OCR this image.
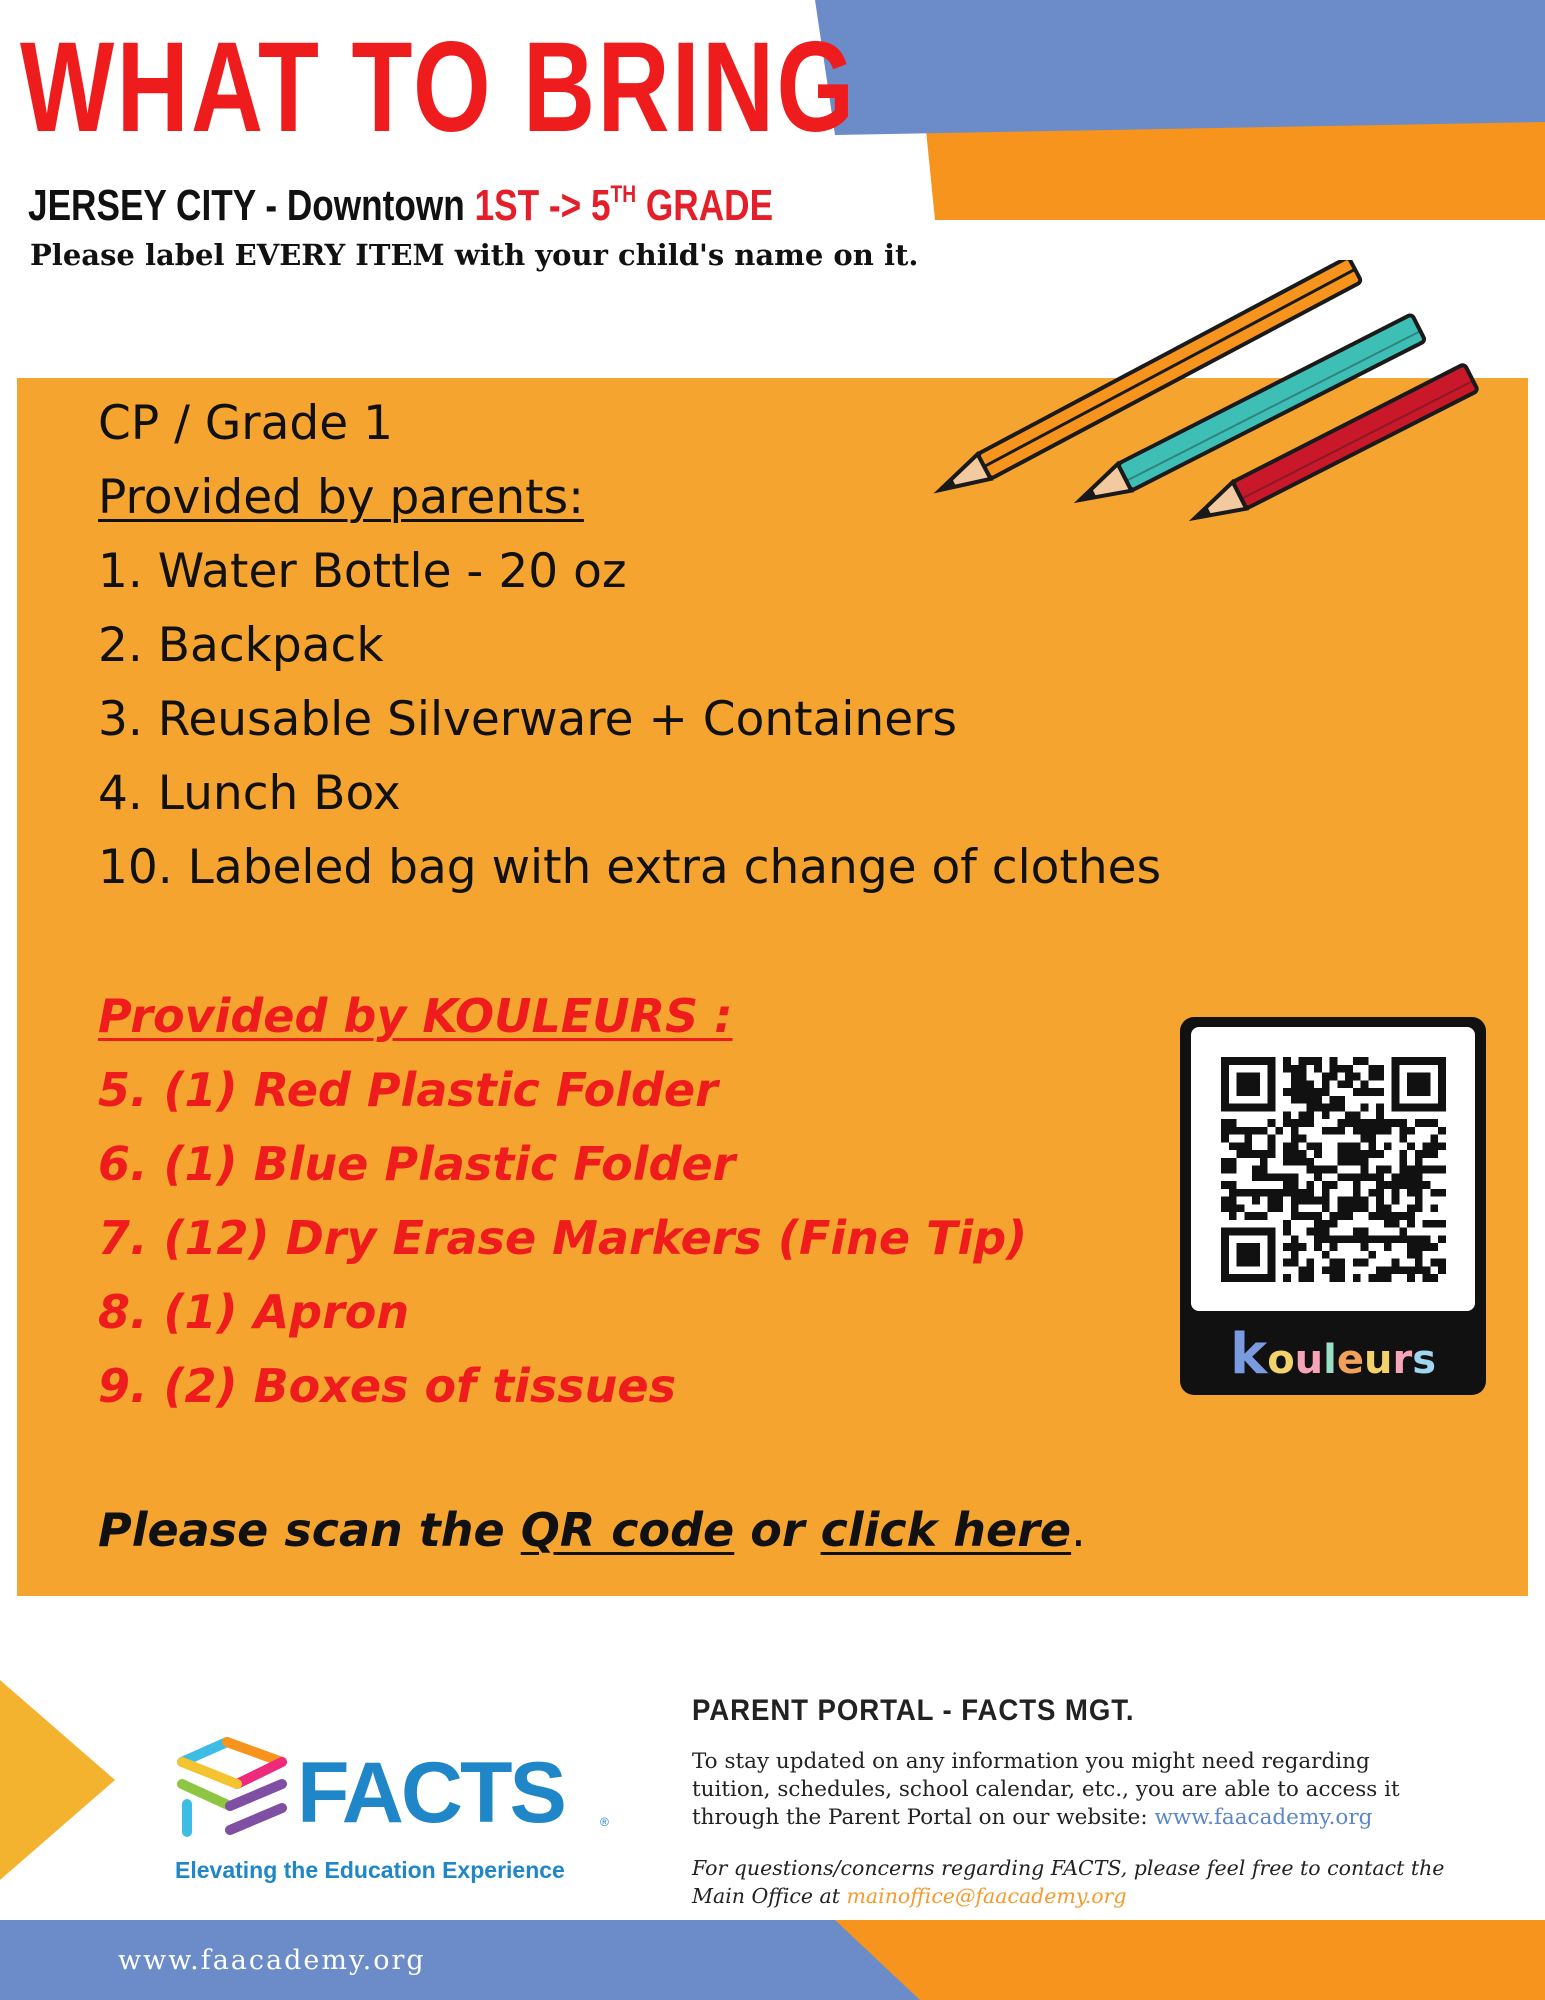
WHAT TO BRING
JERSEY CITY - Downtown 1ST -> 5TH GRADE
Please label EVERY ITEM with your child's name on it.
CP / Grade 1
Provided by parents:
1. Water Bottle - 20 oz
2. Backpack
3. Reusable Silverware + Containers
4. Lunch Box
10. Labeled bag with extra change of clothes
Provided by KOULEURS :
5. (1) Red Plastic Folder
6. (1) Blue Plastic Folder
7. (12) Dry Erase Markers (Fine Tip)
8. (1) Apron
9. (2) Boxes of tissues
Please scan the QR code or click here.
kouleurs
FACTS	®
Elevating the Education Experience
PARENT PORTAL - FACTS MGT.
To stay updated on any information you might need regarding tuition, schedules, school calendar, etc., you are able to access it through the Parent Portal on our website: www.faacademy.org
For questions/concerns regarding FACTS, please feel free to contact the Main Office at mainoffice@faacademy.org
www.faacademy.org
